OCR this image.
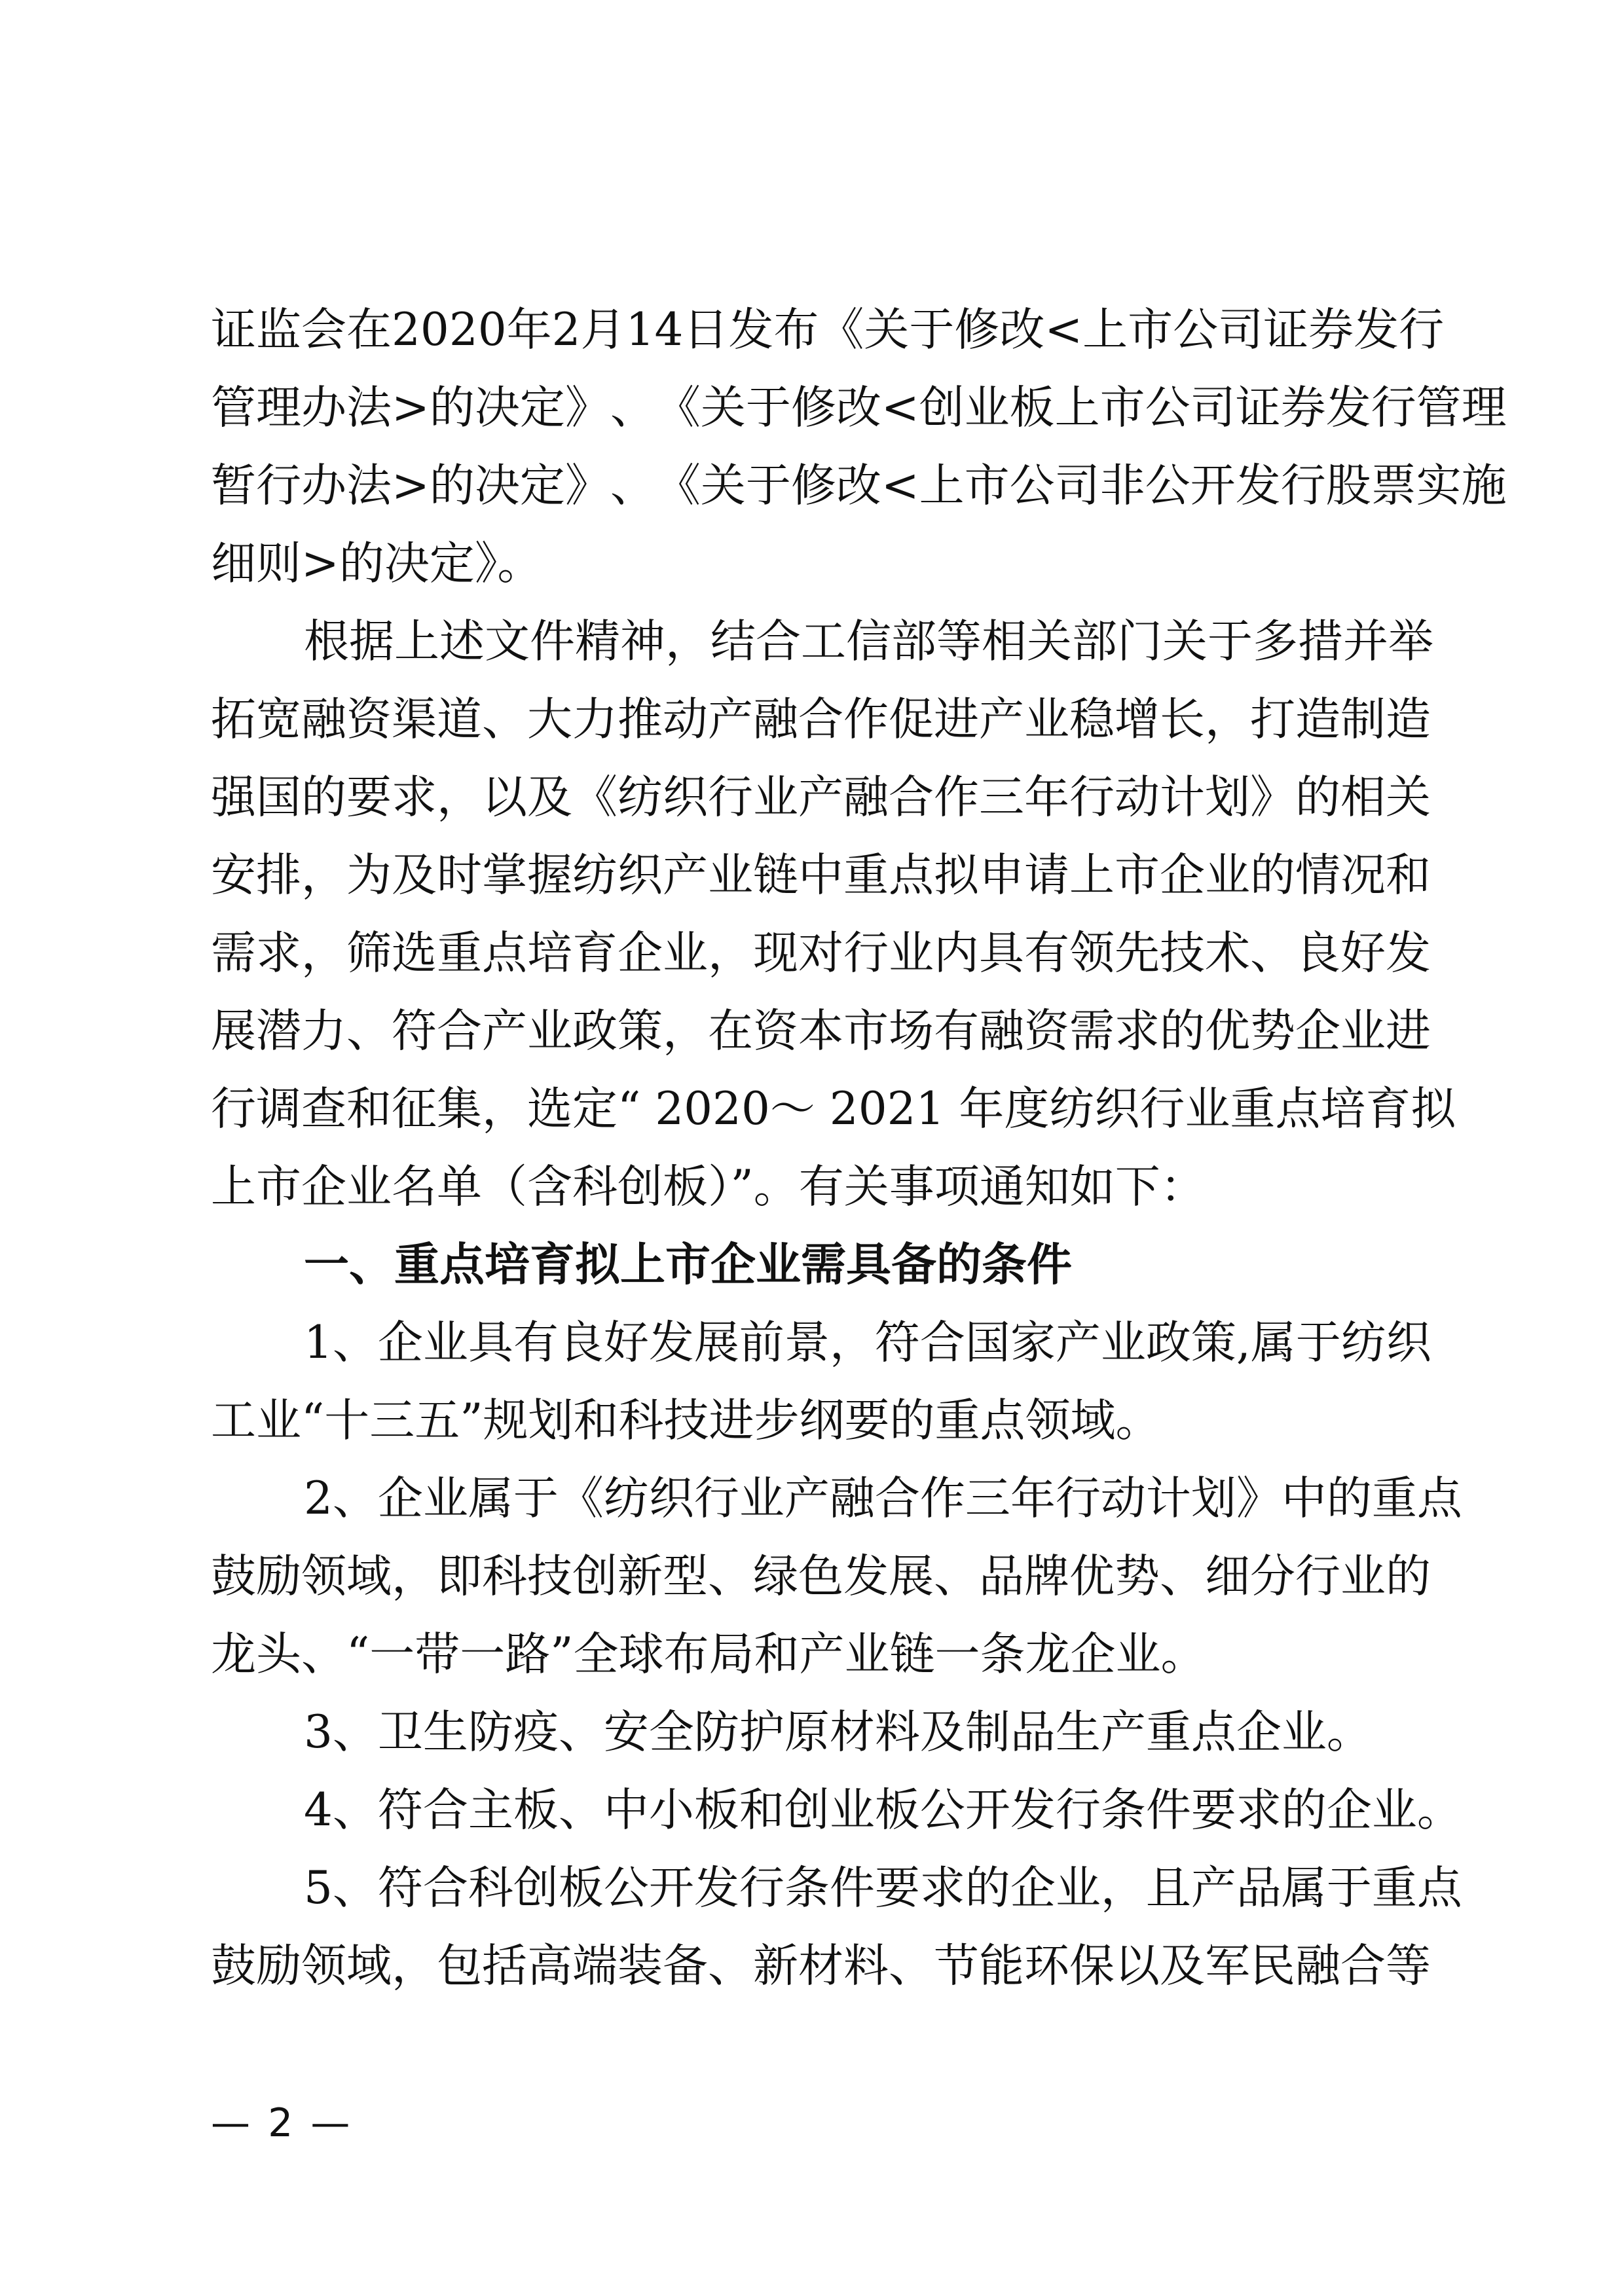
证 监 会 在 2 0 2 0 年 2 月 1 4 日 发 布 《 关 于 修 改 < 上 市 公 司 证 券 发 行
管 理 办 法 > 的 决 定 》 、 《 关 于 修 改 < 创 业 板 上 市 公 司 证 券 发 行 管 理
暂 行 办 法 > 的 决 定 》 、 《 关 于 修 改 < 上 市 公 司 非 公 开 发 行 股 票 实 施
细则>的决定》。
根 据 上 述 文 件 精 神 ， 结 合 工 信 部 等 相 关 部 门 关 于 多 措 并 举
拓 宽 融 资 渠 道 、 大 力 推 动 产 融 合 作 促 进 产 业 稳 增 长 ， 打 造 制 造
强 国 的 要 求 ， 以 及 《 纺 织 行 业 产 融 合 作 三 年 行 动 计 划 》 的 相 关
安 排 ， 为 及 时 掌 握 纺 织 产 业 链 中 重 点 拟 申 请 上 市 企 业 的 情 况 和
需 求 ， 筛 选 重 点 培 育 企 业 ， 现 对 行 业 内 具 有 领 先 技 术 、 良 好 发
展 潜 力 、 符 合 产 业 政 策 ， 在 资 本 市 场 有 融 资 需 求 的 优 势 企 业 进
行 调 查 和 征 集 ， 选 定 “
2 0 2 0 ～
2 0 2 1
年 度 纺 织 行 业 重 点 培 育 拟
上市企业名单（含科创板）”。有关事项通知如下：
一、重点培育拟上市企业需具备的条件
1 、 企 业 具 有 良 好 发 展 前 景 ， 符 合 国 家 产 业 政 策 , 属 于 纺 织
工业“十三五”规划和科技进步纲要的重点领域。
2 、 企 业 属 于 《 纺 织 行 业 产 融 合 作 三 年 行 动 计 划 》 中 的 重 点
鼓 励 领 域 ， 即 科 技 创 新 型 、 绿 色 发 展 、 品 牌 优 势 、 细 分 行 业 的
龙头、“一带一路”全球布局和产业链一条龙企业。
3、卫生防疫、安全防护原材料及制品生产重点企业。
4、符合主板、中小板和创业板公开发行条件要求的企业。
5 、 符 合 科 创 板 公 开 发 行 条 件 要 求 的 企 业 ， 且 产 品 属 于 重 点
鼓 励 领 域 ， 包 括 高 端 装 备 、 新 材 料 、 节 能 环 保 以 及 军 民 融 合 等
— 2 —
